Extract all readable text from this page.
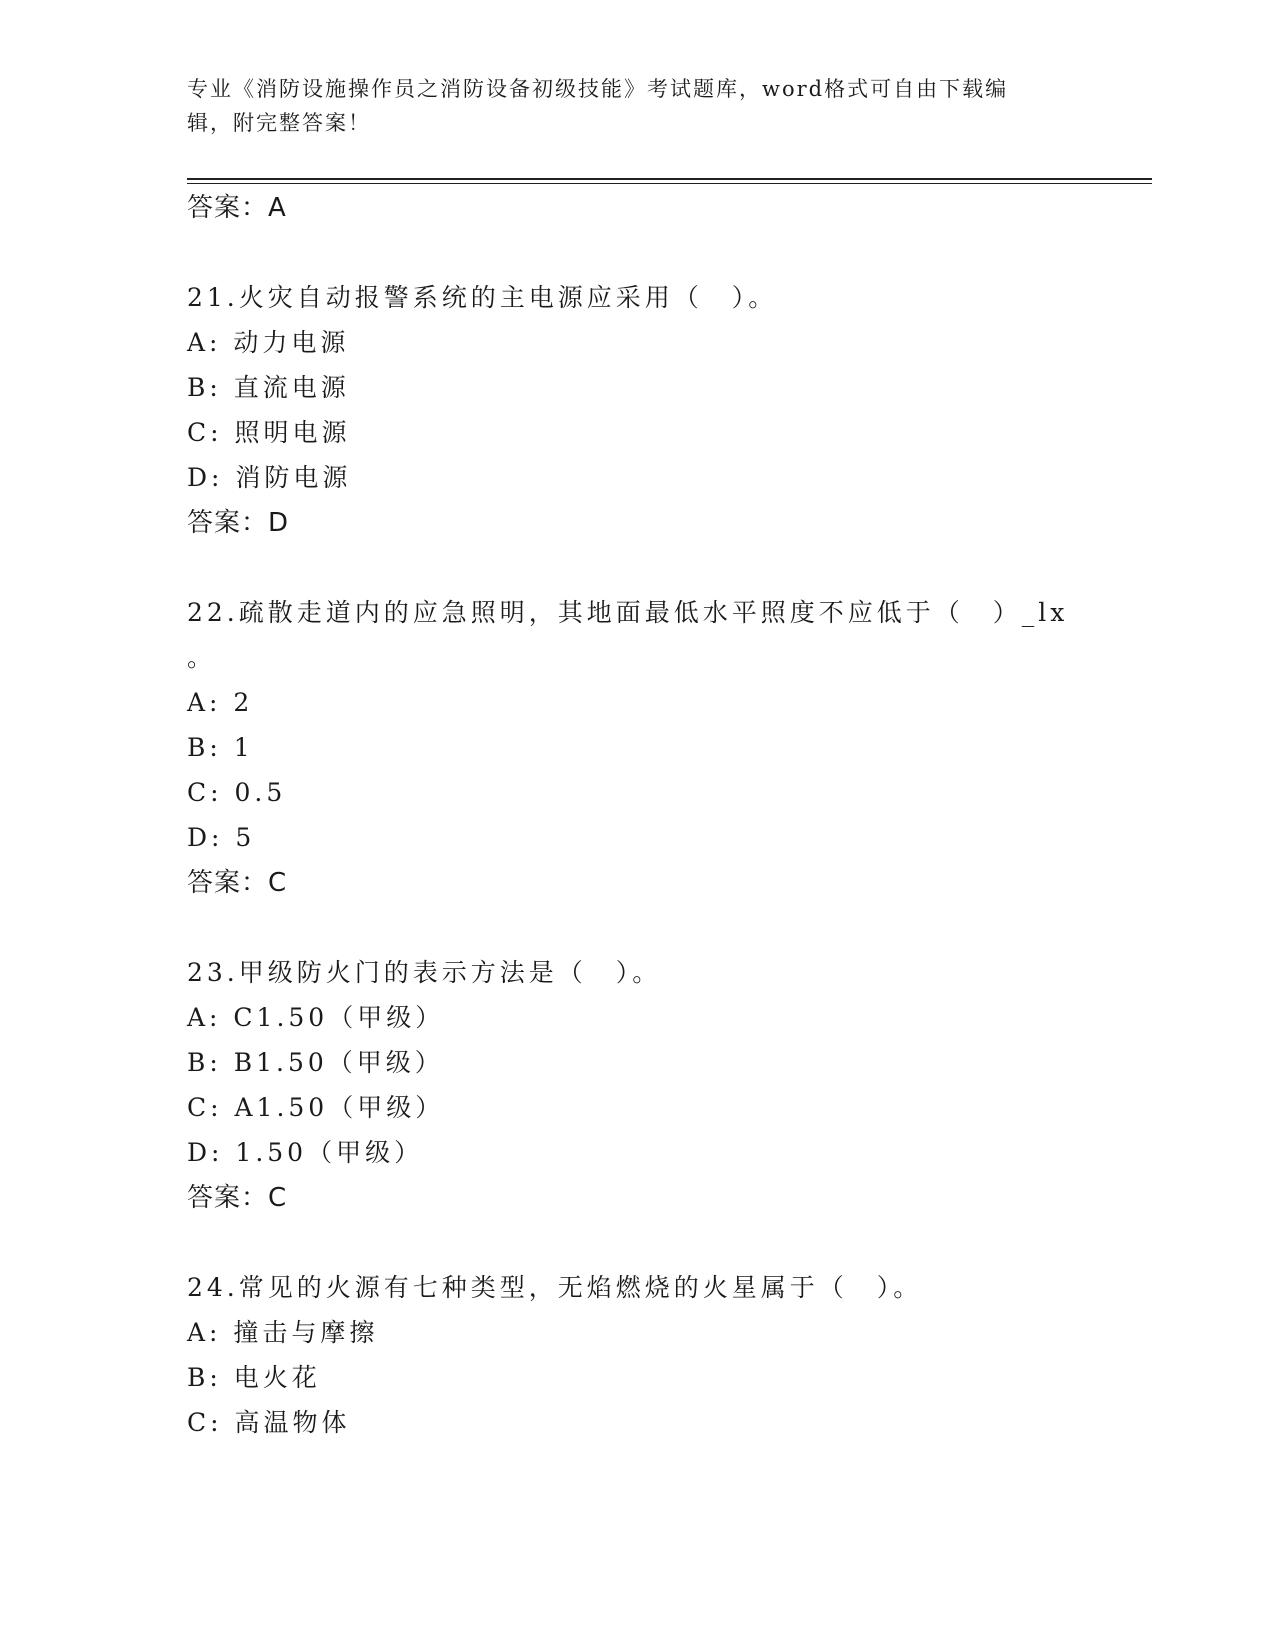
专业《消防设施操作员之消防设备初级技能》考试题库，word格式可自由下载编
辑，附完整答案！
答案：A
21.火灾自动报警系统的主电源应采用（　）。
A: 动力电源
B: 直流电源
C: 照明电源
D: 消防电源
答案：D
22.疏散走道内的应急照明，其地面最低水平照度不应低于（　）_lx
。
A: 2
B: 1
C: 0.5
D: 5
答案：C
23.甲级防火门的表示方法是（　）。
A: C1.50（甲级）
B: B1.50（甲级）
C: A1.50（甲级）
D: 1.50（甲级）
答案：C
24.常见的火源有七种类型，无焰燃烧的火星属于（　）。
A: 撞击与摩擦
B: 电火花
C: 高温物体
